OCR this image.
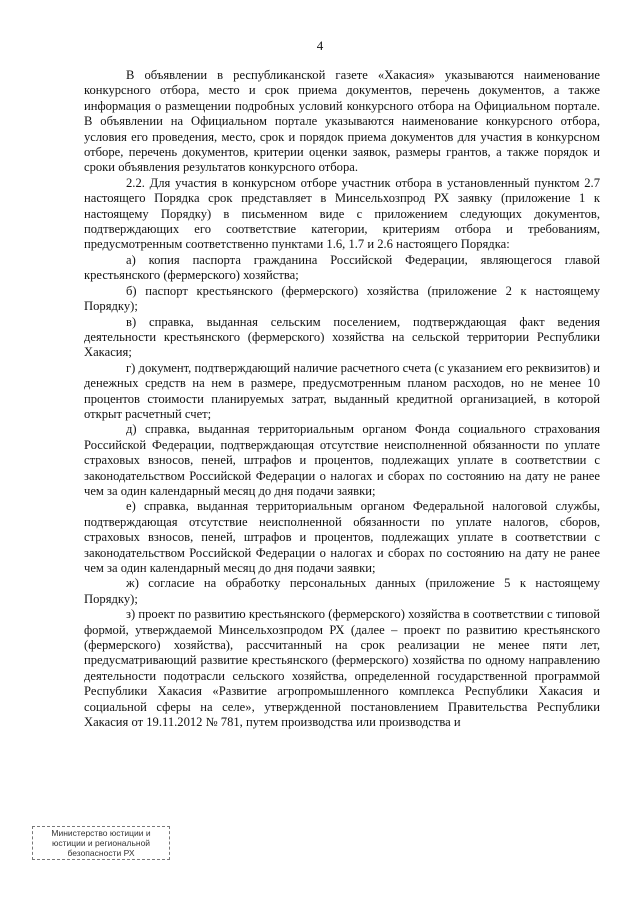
4

В объявлении в республиканской газете «Хакасия» указываются наименование конкурсного отбора, место и срок приема документов, перечень документов, а также информация о размещении подробных условий конкурсного отбора на Официальном портале. В объявлении на Официальном портале указываются наименование конкурсного отбора, условия его проведения, место, срок и порядок приема документов для участия в конкурсном отборе, перечень документов, критерии оценки заявок, размеры грантов, а также порядок и сроки объявления результатов конкурсного отбора.

2.2. Для участия в конкурсном отборе участник отбора в установленный пунктом 2.7 настоящего Порядка срок представляет в Минсельхозпрод РХ заявку (приложение 1 к настоящему Порядку) в письменном виде с приложением следующих документов, подтверждающих его соответствие категории, критериям отбора и требованиям, предусмотренным соответственно пунктами 1.6, 1.7 и 2.6 настоящего Порядка:

а) копия паспорта гражданина Российской Федерации, являющегося главой крестьянского (фермерского) хозяйства;

б) паспорт крестьянского (фермерского) хозяйства (приложение 2 к настоящему Порядку);

в) справка, выданная сельским поселением, подтверждающая факт ведения деятельности крестьянского (фермерского) хозяйства на сельской территории Республики Хакасия;

г) документ, подтверждающий наличие расчетного счета (с указанием его реквизитов) и денежных средств на нем в размере, предусмотренным планом расходов, но не менее 10 процентов стоимости планируемых затрат, выданный кредитной организацией, в которой открыт расчетный счет;

д) справка, выданная территориальным органом Фонда социального страхования Российской Федерации, подтверждающая отсутствие неисполненной обязанности по уплате страховых взносов, пеней, штрафов и процентов, подлежащих уплате в соответствии с законодательством Российской Федерации о налогах и сборах по состоянию на дату не ранее чем за один календарный месяц до дня подачи заявки;

е) справка, выданная территориальным органом Федеральной налоговой службы, подтверждающая отсутствие неисполненной обязанности по уплате налогов, сборов, страховых взносов, пеней, штрафов и процентов, подлежащих уплате в соответствии с законодательством Российской Федерации о налогах и сборах по состоянию на дату не ранее чем за один календарный месяц до дня подачи заявки;

ж) согласие на обработку персональных данных (приложение 5 к настоящему Порядку);

з) проект по развитию крестьянского (фермерского) хозяйства в соответствии с типовой формой, утверждаемой Минсельхозпродом РХ (далее – проект по развитию крестьянского (фермерского) хозяйства), рассчитанный на срок реализации не менее пяти лет, предусматривающий развитие крестьянского (фермерского) хозяйства по одному направлению деятельности подотрасли сельского хозяйства, определенной государственной программой Республики Хакасия «Развитие агропромышленного комплекса Республики Хакасия и социальной сферы на селе», утвержденной постановлением Правительства Республики Хакасия от 19.11.2012 № 781, путем производства или производства и

Министерство юстиции и
юстиции и региональной
безопасности РХ
